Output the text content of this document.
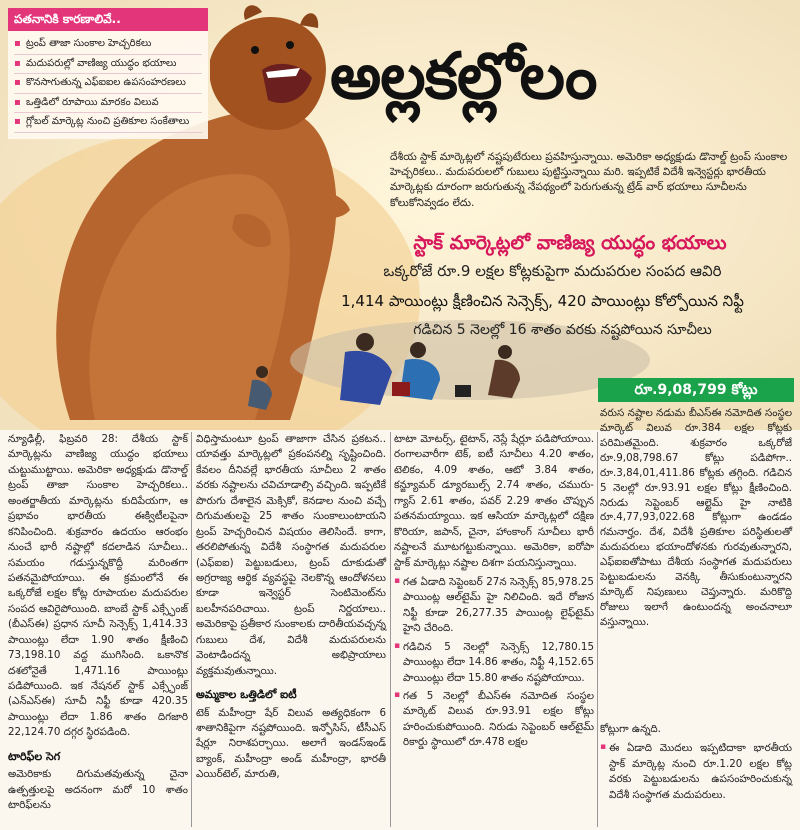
పతనానికి కారణాలివే..
▪ ట్రంప్ తాజా సుంకాల హెచ్చరికలు
▪ మదుపరుల్లో వాణిజ్య యుద్ధం భయాలు
▪ కొనసాగుతున్న ఎఫ్ఐఐల ఉపసంహరణలు
▪ ఒత్తిడిలో రూపాయి మారకం విలువ
▪ గ్లోబల్ మార్కెట్ల నుంచి ప్రతికూల సంకేతాలు
అల్లకల్లోలం
దేశీయ స్టాక్ మార్కెట్లలో నష్టపుటేరులు ప్రవహిస్తున్నాయి. అమెరికా అధ్యక్షుడు డొనాల్డ్ ట్రంప్ సుంకాల హెచ్చరికలు.. మదుపరులలో గుబులు పుట్టిస్తున్నాయి మరి. ఇప్పటికే విదేశీ ఇన్వెస్టర్లు భారతీయ మార్కెట్లకు దూరంగా జరుగుతున్న నేపథ్యంలో పెరుగుతున్న ట్రేడ్ వార్ భయాలు సూచీలను కోలుకోనివ్వడం లేదు.
స్టాక్ మార్కెట్లలో వాణిజ్య యుద్ధం భయాలు
ఒక్కరోజే రూ.9 లక్షల కోట్లకుపైగా మదుపరుల సంపద ఆవిరి
1,414 పాయింట్లు క్షీణించిన సెన్సెక్స్, 420 పాయింట్లు కోల్పోయిన నిఫ్టీ
గడిచిన 5 నెలల్లో 16 శాతం వరకు నష్టపోయిన సూచీలు
రూ.9,08,799 కోట్లు
వరుస నష్టాల నడుమ బీఎస్ఈ నమోదిత సంస్థల మార్కెట్ విలువ రూ.384 లక్షల కోట్లకు పరిమితమైంది. శుక్రవారం ఒక్కరోజే రూ.9,08,798.67 కోట్లు పడిపోగా.. రూ.3,84,01,411.86 కోట్లకు తగ్గింది. గడిచిన 5 నెలల్లో రూ.93.91 లక్షల కోట్లు క్షీణించింది. నిరుడు సెప్టెంబర్ ఆల్టైమ్ హై నాటికి రూ.4,77,93,022.68 కోట్లుగా ఉండడం గమనార్హం. దేశ, విదేశీ ప్రతికూల పరిస్థితులతో మదుపరులు భయాందోళనకు గురవుతున్నారని, ఎఫ్ఐఐతోపాటు దేశీయ సంస్థాగత మదుపరులు పెట్టుబడులను వెనక్కి తీసుకుంటున్నారని మార్కెట్ నిపుణులు చెప్తున్నారు. మరికొద్ది రోజులు ఇలాగే ఉంటుందన్న అంచనాలూ వస్తున్నాయి.

న్యూఢిల్లీ, ఫిబ్రవరి 28: దేశీయ స్టాక్ మార్కెట్లను వాణిజ్య యుద్ధం భయాలు చుట్టుముట్టాయి. అమెరికా అధ్యక్షుడు డొనాల్డ్ ట్రంప్ తాజా సుంకాల హెచ్చరికలు.. అంతర్జాతీయ మార్కెట్లను కుదిపేయగా, ఆ ప్రభావం భారతీయ ఈక్విటీలపైనా కనిపించింది. శుక్రవారం ఉదయం ఆరంభం నుంచే భారీ నష్టాల్లో కదలాడిన సూచీలు.. సమయం గడుస్తున్నకొద్దీ మరింతగా పతనమైపోయాయి. ఈ క్రమంలోనే ఈ ఒక్కరోజే లక్షల కోట్ల రూపాయల మదుపరుల సంపద ఆవిరైపోయింది. బాంబే స్టాక్ ఎక్స్ఛేంజ్ (బీఎస్ఈ) ప్రధాన సూచీ సెన్సెక్స్ 1,414.33 పాయింట్లు లేదా 1.90 శాతం క్షీణించి 73,198.10 వద్ద ముగిసింది. ఒకానొక దశలోనైతే 1,471.16 పాయింట్లు పడిపోయింది. ఇక నేషనల్ స్టాక్ ఎక్స్ఛేంజ్ (ఎన్ఎస్ఈ) సూచీ నిఫ్టీ కూడా 420.35 పాయింట్లు లేదా 1.86 శాతం దిగజారి 22,124.70 దగ్గర స్థిరపడింది.

టారిఫ్‌ల సెగ

అమెరికాకు దిగుమతవుతున్న చైనా ఉత్పత్తులపై అదనంగా మరో 10 శాతం టారిఫ్‌లను

విధిస్తామంటూ ట్రంప్ తాజాగా చేసిన ప్రకటన.. యావత్తు మార్కెట్లలో ప్రకంపనల్ని సృష్టించింది. కేవలం దీనివల్లే భారతీయ సూచీలు 2 శాతం వరకు నష్టాలను చవిచూడాల్సి వచ్చింది. ఇప్పటికే పొరుగు దేశాలైన మెక్సికో, కెనడాల నుంచి వచ్చే దిగుమతులపై 25 శాతం సుంకాలుంటాయని ట్రంప్ హెచ్చరించిన విషయం తెలిసిందే. కాగా, తరలిపోతున్న విదేశీ సంస్థాగత మదుపరుల (ఎఫ్ఐఐ) పెట్టుబడులు, ట్రంప్ దూకుడుతో అగ్రరాజ్య ఆర్థిక వ్యవస్థపై నెలకొన్న ఆందోళనలు కూడా ఇన్వెస్టర్ సెంటిమెంట్‌ను బలహీనపరిచాయి. ట్రంప్ నిర్ణయాలు.. అమెరికాపై ప్రతీకార సుంకాలకు దారితీయవచ్చన్న గుబులు దేశ, విదేశీ మదుపరులను వెంటాడిందన్న అభిప్రాయాలు వ్యక్తమవుతున్నాయి.

అమ్మకాల ఒత్తిడిలో ఐటీ

టెక్ మహీంద్రా షేర్ విలువ అత్యధికంగా 6 శాతానికిపైగా నష్టపోయింది. ఇన్ఫోసిస్, టీసీఎస్ షేర్లూ నిరాశపర్చాయి. అలాగే ఇండస్‌ఇండ్ బ్యాంక్, మహీంద్రా అండ్ మహీంద్రా, భారతీ ఎయిర్‌టెల్, మారుతి,

టాటా మోటర్స్, టైటాన్, నెస్లే షేర్లూ పడిపోయాయి. రంగాలవారీగా టెక్, ఐటీ సూచీలు 4.20 శాతం, టెలికం, 4.09 శాతం, ఆటో 3.84 శాతం, కన్జ్యూమర్ డ్యూరబుల్స్ 2.74 శాతం, చమురు-గ్యాస్ 2.61 శాతం, పవర్ 2.29 శాతం చొప్పున పతనమయ్యాయి. ఇక ఆసియా మార్కెట్లలో దక్షిణ కొరియా, జపాన్, చైనా, హాంకాంగ్ సూచీలు భారీ నష్టాలనే మూటగట్టుకున్నాయి. అమెరికా, ఐరోపా స్టాక్ మార్కెట్లు నష్టాల దిశగా పయనిస్తున్నాయి.

▪ గత ఏడాది సెప్టెంబర్ 27న సెన్సెక్స్ 85,978.25 పాయింట్ల ఆల్‌టైమ్ హై నిలిచింది. ఇదే రోజున నిఫ్టీ కూడా 26,277.35 పాయింట్ల లైఫ్‌టైమ్ హైని చేరింది.
▪ గడిచిన 5 నెలల్లో సెన్సెక్స్ 12,780.15 పాయింట్లు లేదా 14.86 శాతం, నిఫ్టీ 4,152.65 పాయింట్లు లేదా 15.80 శాతం నష్టపోయాయి.
▪ గత 5 నెలల్లో బీఎస్ఈ నమోదిత సంస్థల మార్కెట్ విలువ రూ.93.91 లక్షల కోట్లు హరించుకుపోయింది. నిరుడు సెప్టెంబర్ ఆల్‌టైమ్ రికార్డు స్థాయిలో రూ.478 లక్షల

కోట్లుగా ఉన్నది.

▪ ఈ ఏడాది మొదలు ఇప్పటిదాకా భారతీయ స్టాక్ మార్కెట్ల నుంచి రూ.1.20 లక్షల కోట్ల వరకు పెట్టుబడులను ఉపసంహరించుకున్న విదేశీ సంస్థాగత మదుపరులు.
